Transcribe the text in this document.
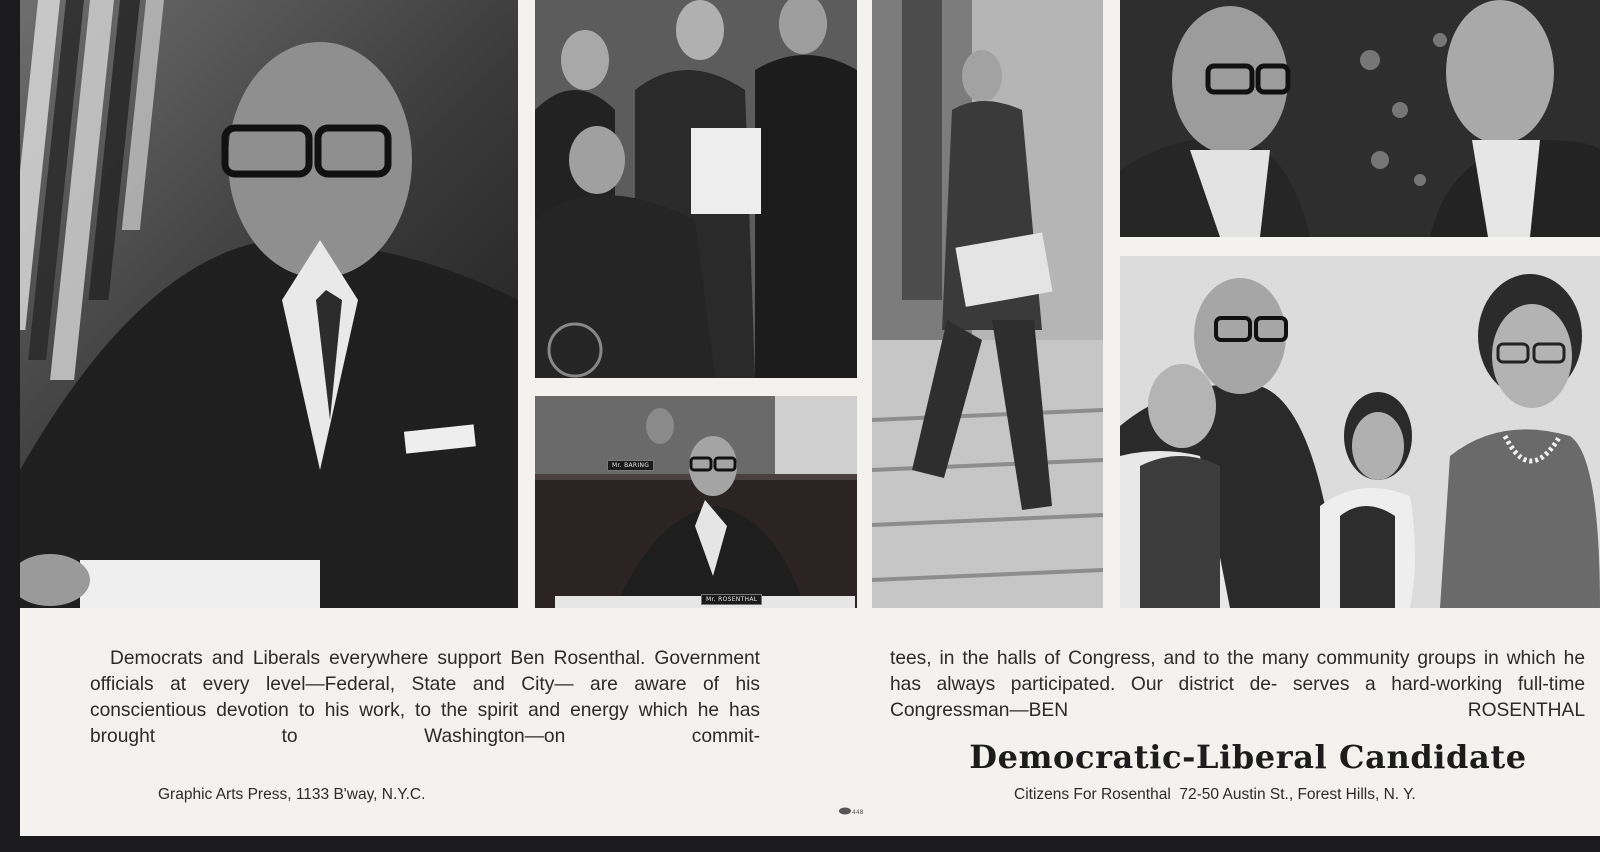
Mr. BARING
Mr. ROSENTHAL

Democrats and Liberals everywhere support Ben Rosenthal. Government officials at every level—Federal, State and City— are aware of his conscientious devotion to his work, to the spirit and energy which he has brought to Washington—on commit-

tees, in the halls of Congress, and to the many community groups in which he has always participated. Our district de- serves a hard-working full-time Congressman—BEN ROSENTHAL

Democratic-Liberal Candidate
Graphic Arts Press, 1133 B'way, N.Y.C.
448
Citizens For Rosenthal  72-50 Austin St., Forest Hills, N. Y.
